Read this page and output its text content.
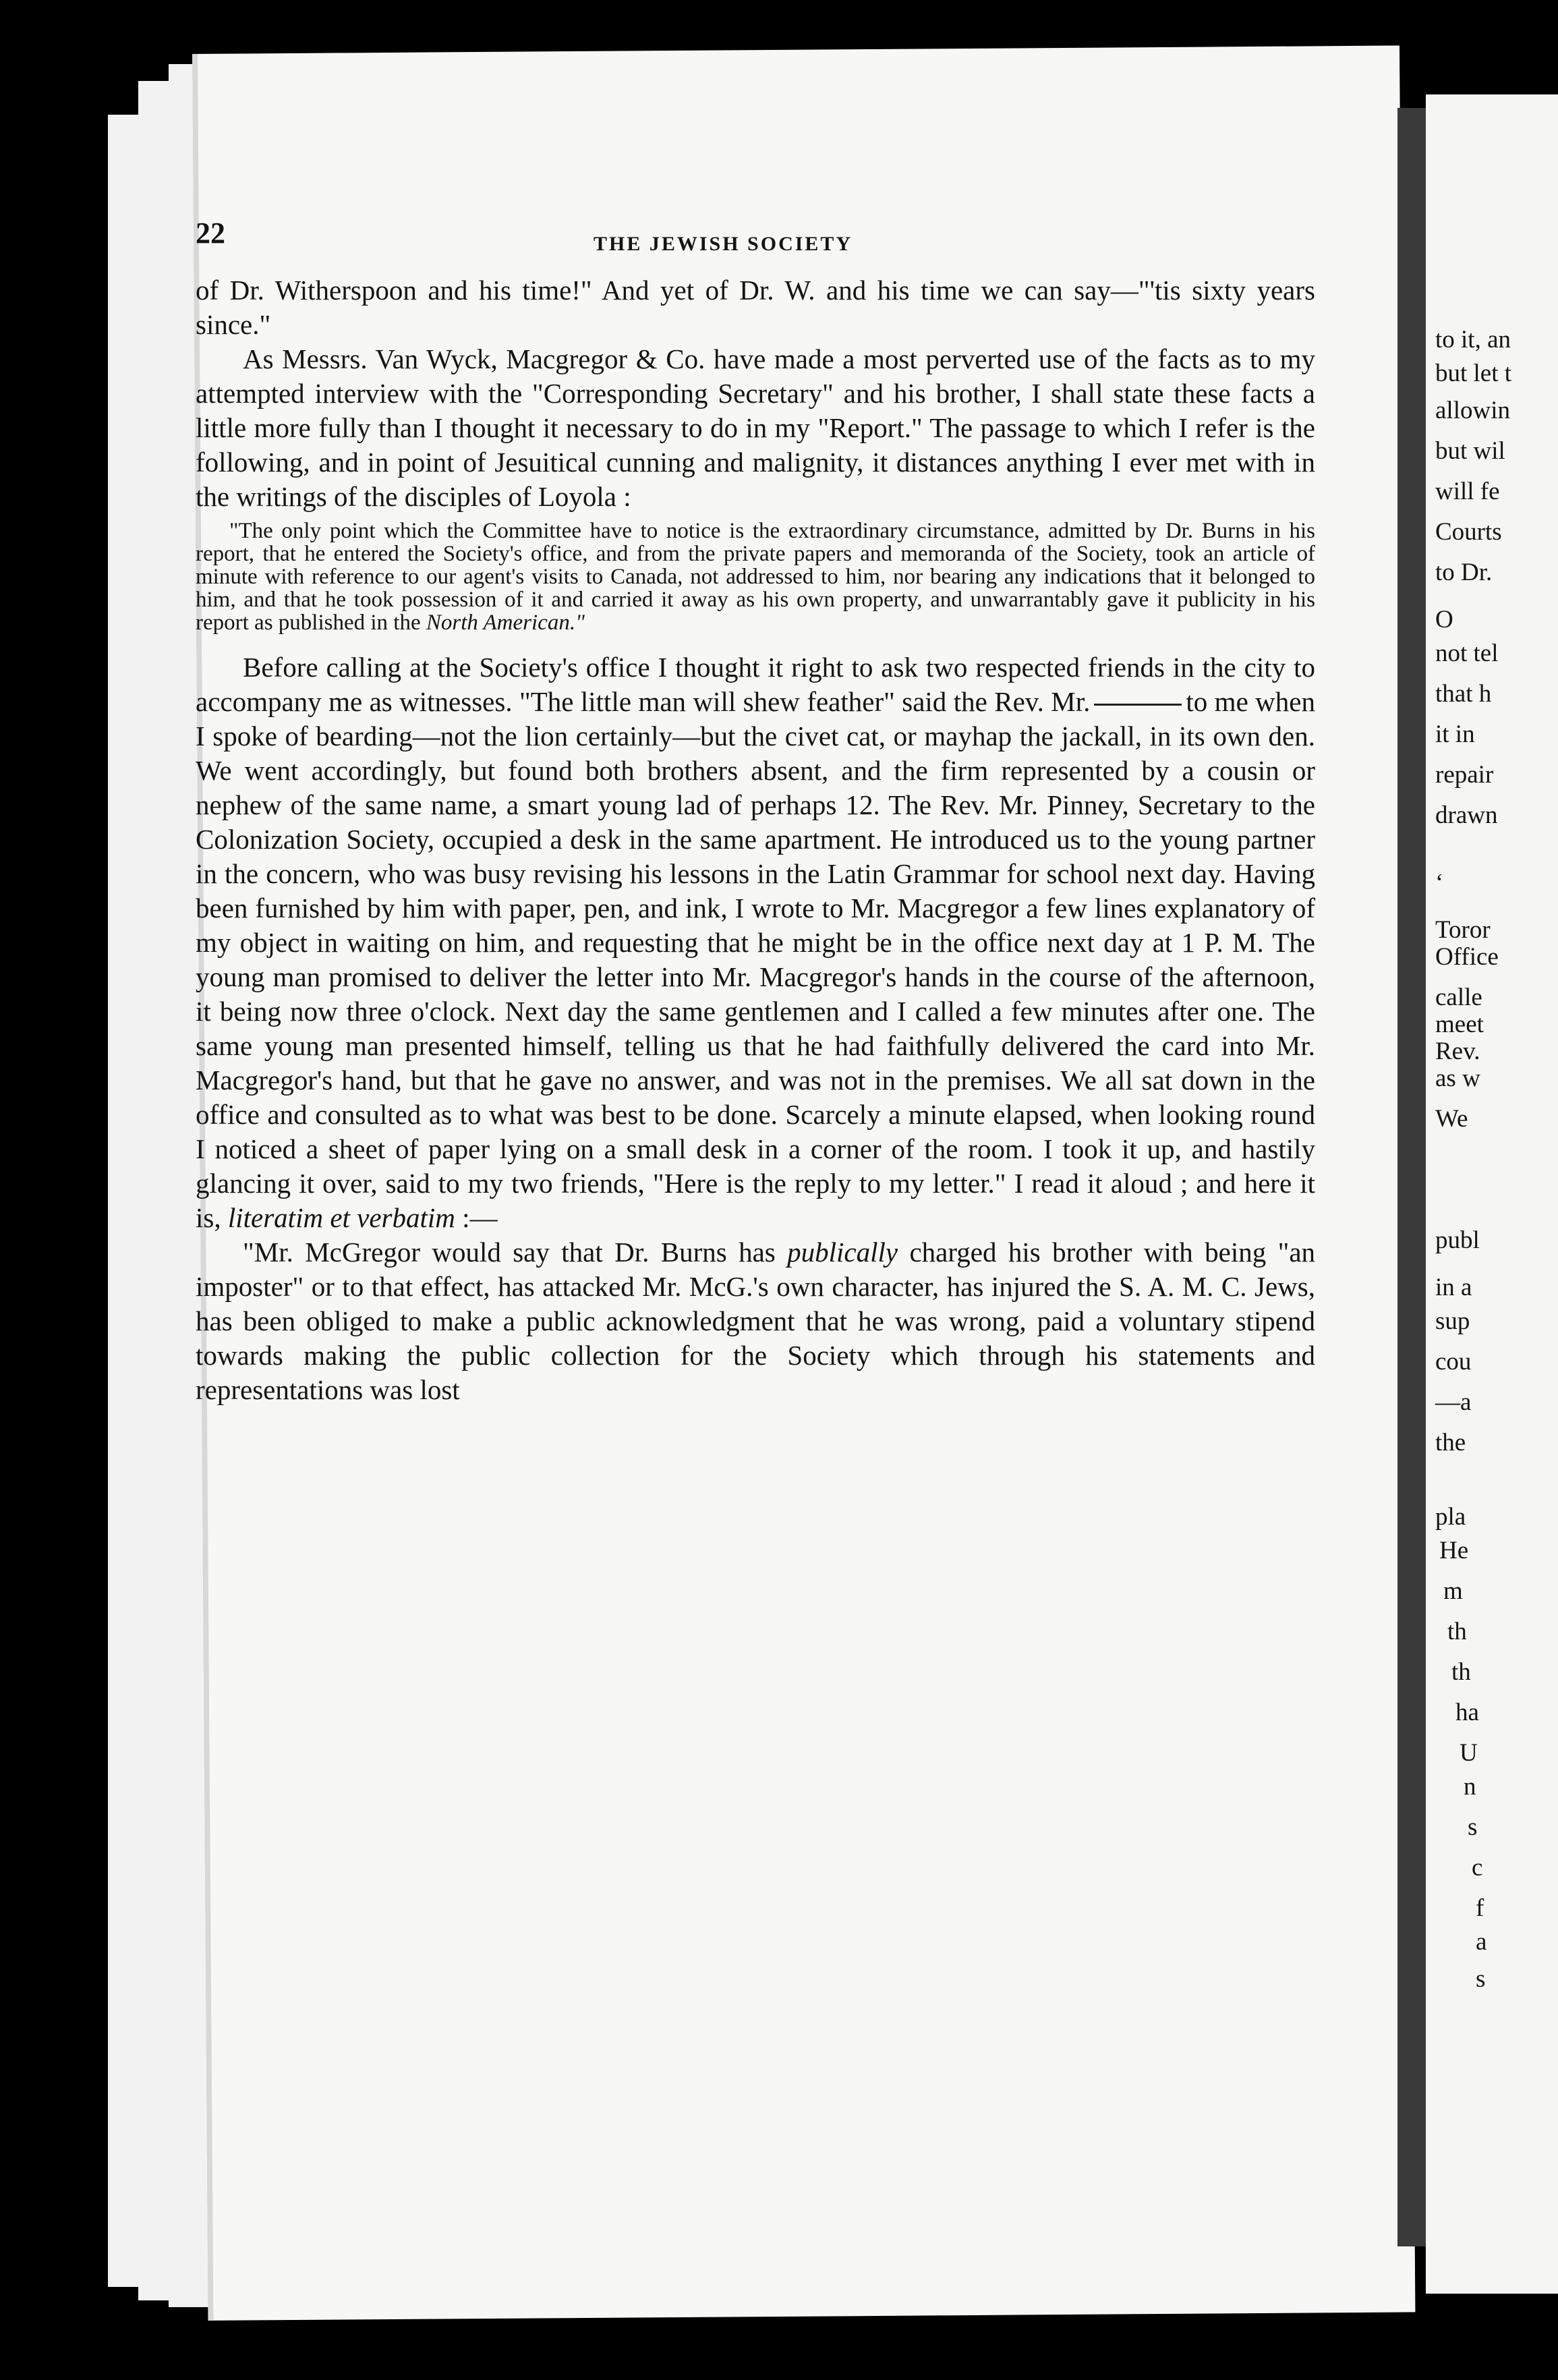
22	THE JEWISH SOCIETY

of Dr. Witherspoon and his time!" And yet of Dr. W. and his time we can say—"'tis sixty years since."

As Messrs. Van Wyck, Macgregor & Co. have made a most perverted use of the facts as to my attempted interview with the "Corresponding Secretary" and his brother, I shall state these facts a little more fully than I thought it necessary to do in my "Report." The passage to which I refer is the following, and in point of Jesuitical cunning and malignity, it distances anything I ever met with in the writings of the disciples of Loyola :

"The only point which the Committee have to notice is the extraordinary circumstance, admitted by Dr. Burns in his report, that he entered the Society's office, and from the private papers and memoranda of the Society, took an article of minute with reference to our agent's visits to Canada, not addressed to him, nor bearing any indications that it belonged to him, and that he took possession of it and carried it away as his own property, and unwarrantably gave it publicity in his report as published in the North American."

Before calling at the Society's office I thought it right to ask two respected friends in the city to accompany me as witnesses. "The little man will shew feather" said the Rev. Mr.	to me when I spoke of bearding—not the lion certainly—but the civet cat, or mayhap the jackall, in its own den. We went accordingly, but found both brothers absent, and the firm represented by a cousin or nephew of the same name, a smart young lad of perhaps 12. The Rev. Mr. Pinney, Secretary to the Colonization Society, occupied a desk in the same apartment. He introduced us to the young partner in the concern, who was busy revising his lessons in the Latin Grammar for school next day. Having been furnished by him with paper, pen, and ink, I wrote to Mr. Macgregor a few lines explanatory of my object in waiting on him, and requesting that he might be in the office next day at 1 P. M. The young man promised to deliver the letter into Mr. Macgregor's hands in the course of the afternoon, it being now three o'clock. Next day the same gentlemen and I called a few minutes after one. The same young man presented himself, telling us that he had faithfully delivered the card into Mr. Macgregor's hand, but that he gave no answer, and was not in the premises. We all sat down in the office and consulted as to what was best to be done. Scarcely a minute elapsed, when looking round I noticed a sheet of paper lying on a small desk in a corner of the room. I took it up, and hastily glancing it over, said to my two friends, "Here is the reply to my letter." I read it aloud ; and here it is, literatim et verbatim :—

"Mr. McGregor would say that Dr. Burns has publically charged his brother with being "an imposter" or to that effect, has attacked Mr. McG.'s own character, has injured the S. A. M. C. Jews, has been obliged to make a public acknowledgment that he was wrong, paid a voluntary stipend towards making the public collection for the Society which through his statements and representations was lost

to it, an
but let t
allowin
but wil
will fe
Courts
to Dr.
O
not tel
that h
it in
repair
drawn
‘
Toror
Office
calle
meet
Rev.
as w
We
publ
in a
sup
cou
—a
the
pla
He
m
th
th
ha
U
n
s
c
f
a
s
